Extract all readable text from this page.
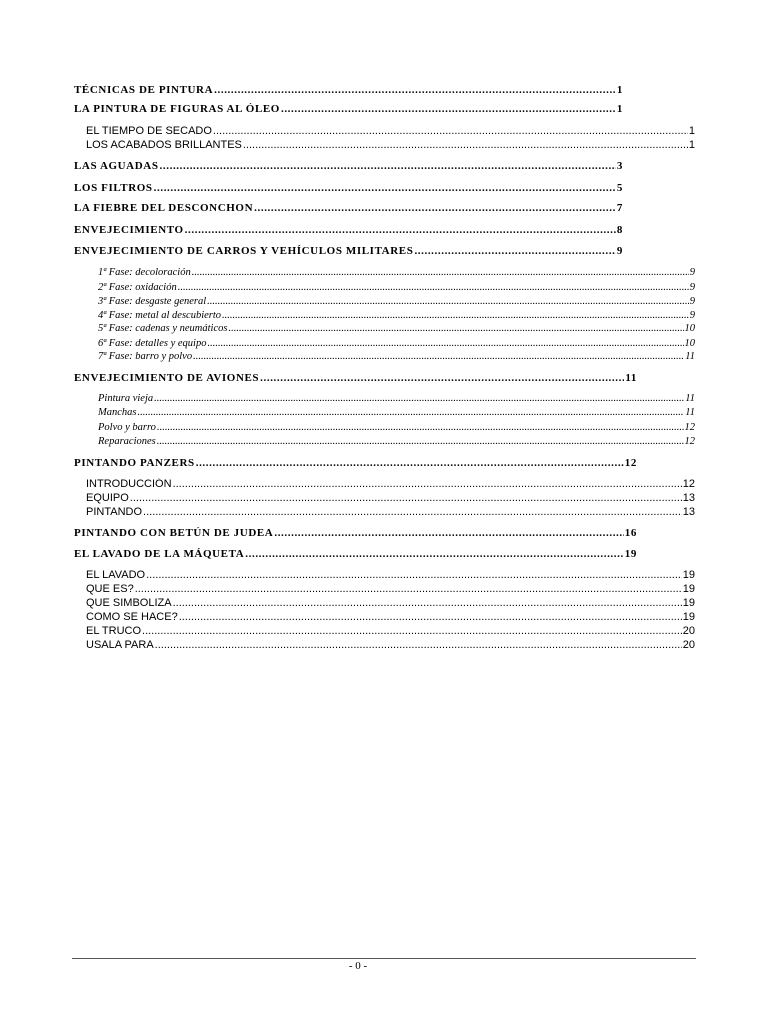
TÉCNICAS DE PINTURA .....	1
LA PINTURA DE FIGURAS AL ÓLEO .....	1
EL TIEMPO DE SECADO .....	1
LOS ACABADOS BRILLANTES .....	1
LAS AGUADAS .....	3
LOS FILTROS .....	5
LA FIEBRE DEL DESCONCHON .....	7
ENVEJECIMIENTO .....	8
ENVEJECIMIENTO DE CARROS Y VEHÍCULOS MILITARES .....	9
1ª Fase: decoloración .....	9
2ª Fase: oxidación .....	9
3ª Fase: desgaste general .....	9
4ª Fase: metal al descubierto .....	9
5ª Fase: cadenas y neumáticos .....	10
6ª Fase: detalles y equipo .....	10
7ª Fase: barro y polvo .....	11
ENVEJECIMIENTO DE AVIONES .....	11
Pintura vieja .....	11
Manchas .....	11
Polvo y barro .....	12
Reparaciones .....	12
PINTANDO PANZERS .....	12
INTRODUCCIÓN .....	12
EQUIPO .....	13
PINTANDO .....	13
PINTANDO CON BETÚN DE JUDEA .....	16
EL LAVADO DE LA MÁQUETA .....	19
EL LAVADO .....	19
QUE ES? .....	19
QUE SIMBOLIZA .....	19
COMO SE HACE? .....	19
EL TRUCO .....	20
USALA PARA .....	20
- 0 -
